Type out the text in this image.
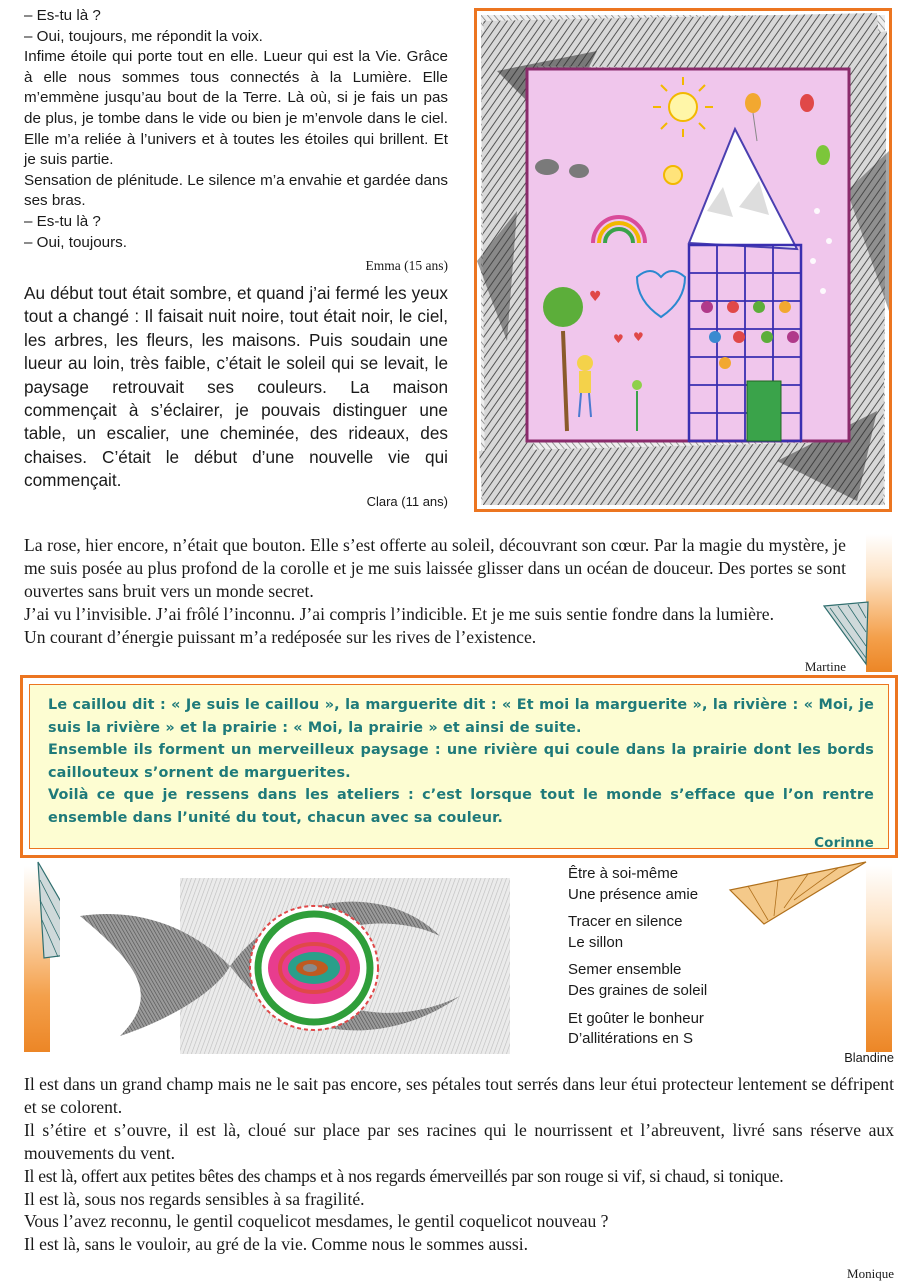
– Es-tu là ?

– Oui, toujours, me répondit la voix.

Infime étoile qui porte tout en elle. Lueur qui est la Vie. Grâce à elle nous sommes tous connectés à la Lumière. Elle m’emmène jusqu’au bout de la Terre. Là où, si je fais un pas de plus, je tombe dans le vide ou bien je m’envole dans le ciel. Elle m’a reliée à l’univers et à toutes les étoiles qui brillent. Et je suis partie.

Sensation de plénitude. Le silence m’a envahie et gardée dans ses bras.

– Es-tu là ?

– Oui, toujours.

Emma (15 ans)

Au début tout était sombre, et quand j’ai fermé les yeux tout a changé : Il faisait nuit noire, tout était noir, le ciel, les arbres, les fleurs, les maisons. Puis soudain une lueur au loin, très faible, c’était le soleil qui se levait, le paysage retrouvait ses couleurs. La maison commençait à s’éclairer, je pouvais distinguer une table, un escalier, une cheminée, des rideaux, des chaises. C’était le début d’une nouvelle vie qui commençait.

Clara (11 ans)

♥
♥ ♥

La rose, hier encore, n’était que bouton. Elle s’est offerte au soleil, découvrant son cœur. Par la magie du mystère, je me suis posée au plus profond de la corolle et je me suis laissée glisser dans un océan de douceur. Des portes se sont ouvertes sans bruit vers un monde secret.

J’ai vu l’invisible. J’ai frôlé l’inconnu. J’ai compris l’indicible. Et je me suis sentie fondre dans la lumière.

Un courant d’énergie puissant m’a redéposée sur les rives de l’existence.

Martine

Le caillou dit : « Je suis le caillou », la marguerite dit : « Et moi la marguerite », la rivière : « Moi, je suis la rivière » et la prairie : « Moi, la prairie » et ainsi de suite.

Ensemble ils forment un merveilleux paysage : une rivière qui coule dans la prairie dont les bords caillouteux s’ornent de marguerites.

Voilà ce que je ressens dans les ateliers : c’est lorsque tout le monde s’efface que l’on rentre ensemble dans l’unité du tout, chacun avec sa couleur.

Corinne

Être à soi-même

Une présence amie

Tracer en silence

Le sillon

Semer ensemble

Des graines de soleil

Et goûter le bonheur

D’allitérations en S

Blandine

Il est dans un grand champ mais ne le sait pas encore, ses pétales tout serrés dans leur étui protecteur lentement se défripent et se colorent.

Il s’étire et s’ouvre, il est là, cloué sur place par ses racines qui le nourrissent et l’abreuvent, livré sans réserve aux mouvements du vent.

Il est là, offert aux petites bêtes des champs et à nos regards émerveillés par son rouge si vif, si chaud, si tonique.

Il est là, sous nos regards sensibles à sa fragilité.

Vous l’avez reconnu, le gentil coquelicot mesdames, le gentil coquelicot nouveau ?

Il est là, sans le vouloir, au gré de la vie. Comme nous le sommes aussi.

Monique
